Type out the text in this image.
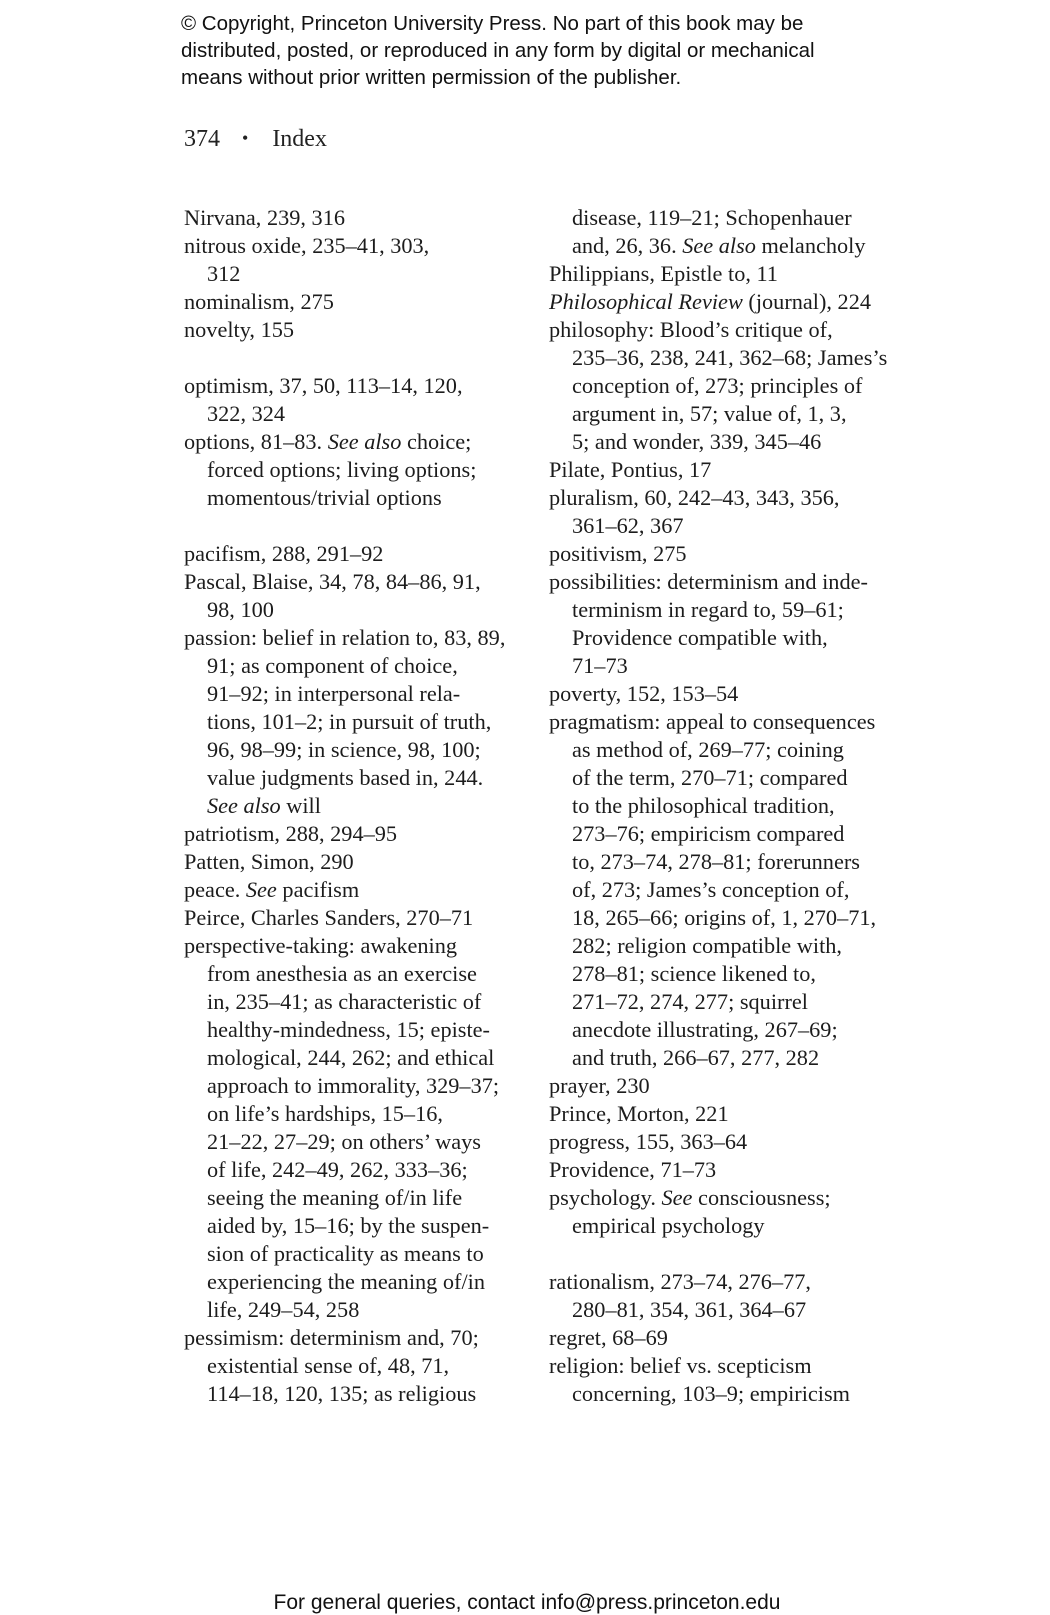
© Copyright, Princeton University Press. No part of this book may be
distributed, posted, or reproduced in any form by digital or mechanical
means without prior written permission of the publisher.
374 • Index
Nirvana, 239, 316
nitrous oxide, 235–41, 303,
312
nominalism, 275
novelty, 155
optimism, 37, 50, 113–14, 120,
322, 324
options, 81–83. See also choice;
forced options; living options;
momentous/trivial options
pacifism, 288, 291–92
Pascal, Blaise, 34, 78, 84–86, 91,
98, 100
passion: belief in relation to, 83, 89,
91; as component of choice,
91–92; in interpersonal rela-
tions, 101–2; in pursuit of truth,
96, 98–99; in science, 98, 100;
value judgments based in, 244.
See also will
patriotism, 288, 294–95
Patten, Simon, 290
peace. See pacifism
Peirce, Charles Sanders, 270–71
perspective-taking: awakening
from anesthesia as an exercise
in, 235–41; as characteristic of
healthy-mindedness, 15; episte-
mological, 244, 262; and ethical
approach to immorality, 329–37;
on life’s hardships, 15–16,
21–22, 27–29; on others’ ways
of life, 242–49, 262, 333–36;
seeing the meaning of/in life
aided by, 15–16; by the suspen-
sion of practicality as means to
experiencing the meaning of/in
life, 249–54, 258
pessimism: determinism and, 70;
existential sense of, 48, 71,
114–18, 120, 135; as religious
disease, 119–21; Schopenhauer
and, 26, 36. See also melancholy
Philippians, Epistle to, 11
Philosophical Review (journal), 224
philosophy: Blood’s critique of,
235–36, 238, 241, 362–68; James’s
conception of, 273; principles of
argument in, 57; value of, 1, 3,
5; and wonder, 339, 345–46
Pilate, Pontius, 17
pluralism, 60, 242–43, 343, 356,
361–62, 367
positivism, 275
possibilities: determinism and inde-
terminism in regard to, 59–61;
Providence compatible with,
71–73
poverty, 152, 153–54
pragmatism: appeal to consequences
as method of, 269–77; coining
of the term, 270–71; compared
to the philosophical tradition,
273–76; empiricism compared
to, 273–74, 278–81; forerunners
of, 273; James’s conception of,
18, 265–66; origins of, 1, 270–71,
282; religion compatible with,
278–81; science likened to,
271–72, 274, 277; squirrel
anecdote illustrating, 267–69;
and truth, 266–67, 277, 282
prayer, 230
Prince, Morton, 221
progress, 155, 363–64
Providence, 71–73
psychology. See consciousness;
empirical psychology
rationalism, 273–74, 276–77,
280–81, 354, 361, 364–67
regret, 68–69
religion: belief vs. scepticism
concerning, 103–9; empiricism
For general queries, contact info@press.princeton.edu
